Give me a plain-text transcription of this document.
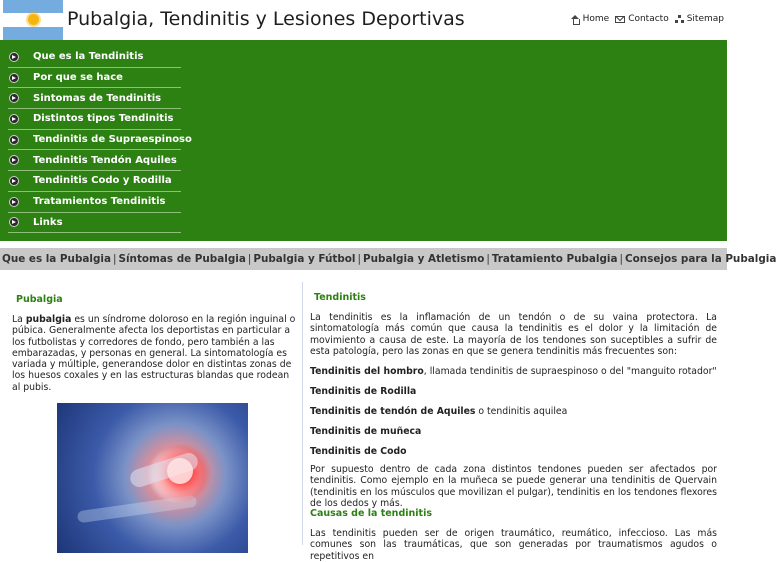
Pubalgia, Tendinitis y Lesiones Deportivas	Home Contacto Sitemap
Que es la Tendinitis
Por que se hace
Sintomas de Tendinitis
Distintos tipos Tendinitis
Tendinitis de Supraespinoso
Tendinitis Tendón Aquiles
Tendinitis Codo y Rodilla
Tratamientos Tendinitis
Links
Que es la Pubalgia | Síntomas de Pubalgia | Pubalgia y Fútbol | Pubalgia y Atletismo | Tratamiento Pubalgia | Consejos para la Pubalgia
Pubalgia
La pubalgia es un síndrome doloroso en la región inguinal o púbica. Generalmente afecta los deportistas en particular a los futbolistas y corredores de fondo, pero también a las embarazadas, y personas en general. La sintomatología es variada y múltiple, generandose dolor en distintas zonas de los huesos coxales y en las estructuras blandas que rodean al pubis.
Tendinitis
La tendinitis es la inflamación de un tendón o de su vaina protectora. La sintomatología más común que causa la tendinitis es el dolor y la limitación de movimiento a causa de este. La mayoría de los tendones son suceptibles a sufrir de esta patología, pero las zonas en que se genera tendinitis más frecuentes son:
Tendinitis del hombro, llamada tendinitis de supraespinoso o del "manguito rotador"
Tendinitis de Rodilla
Tendinitis de tendón de Aquiles o tendinitis aquilea
Tendinitis de muñeca
Tendinitis de Codo
Por supuesto dentro de cada zona distintos tendones pueden ser afectados por tendinitis. Como ejemplo en la muñeca se puede generar una tendinitis de Quervain (tendinitis en los músculos que movilizan el pulgar), tendinitis en los tendones flexores de los dedos y más.
Causas de la tendinitis
Las tendinitis pueden ser de origen traumático, reumático, infeccioso. Las más comunes son las traumáticas, que son generadas por traumatismos agudos o repetitivos en
